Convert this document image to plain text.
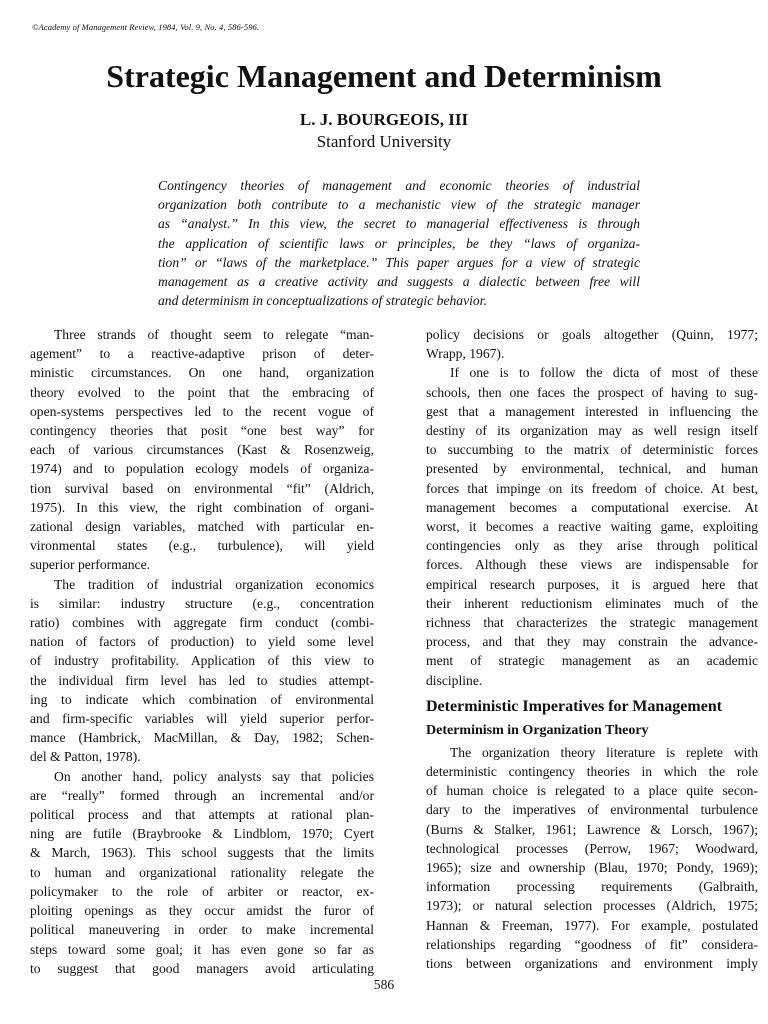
©Academy of Management Review, 1984, Vol. 9, No. 4, 586-596.
Strategic Management and Determinism
L. J. BOURGEOIS, III
Stanford University
Contingency theories of management and economic theories of industrial
organization both contribute to a mechanistic view of the strategic manager
as “analyst.” In this view, the secret to managerial effectiveness is through
the application of scientific laws or principles, be they “laws of organiza-
tion” or “laws of the marketplace.” This paper argues for a view of strategic
management as a creative activity and suggests a dialectic between free will
and determinism in conceptualizations of strategic behavior.
Three strands of thought seem to relegate “man-
agement” to a reactive-adaptive prison of deter-
ministic circumstances. On one hand, organization
theory evolved to the point that the embracing of
open-systems perspectives led to the recent vogue of
contingency theories that posit “one best way” for
each of various circumstances (Kast & Rosenzweig,
1974) and to population ecology models of organiza-
tion survival based on environmental “fit” (Aldrich,
1975). In this view, the right combination of organi-
zational design variables, matched with particular en-
vironmental states (e.g., turbulence), will yield
superior performance.
The tradition of industrial organization economics
is similar: industry structure (e.g., concentration
ratio) combines with aggregate firm conduct (combi-
nation of factors of production) to yield some level
of industry profitability. Application of this view to
the individual firm level has led to studies attempt-
ing to indicate which combination of environmental
and firm-specific variables will yield superior perfor-
mance (Hambrick, MacMillan, & Day, 1982; Schen-
del & Patton, 1978).
On another hand, policy analysts say that policies
are “really” formed through an incremental and/or
political process and that attempts at rational plan-
ning are futile (Braybrooke & Lindblom, 1970; Cyert
& March, 1963). This school suggests that the limits
to human and organizational rationality relegate the
policymaker to the role of arbiter or reactor, ex-
ploiting openings as they occur amidst the furor of
political maneuvering in order to make incremental
steps toward some goal; it has even gone so far as
to suggest that good managers avoid articulating
policy decisions or goals altogether (Quinn, 1977;
Wrapp, 1967).
If one is to follow the dicta of most of these
schools, then one faces the prospect of having to sug-
gest that a management interested in influencing the
destiny of its organization may as well resign itself
to succumbing to the matrix of deterministic forces
presented by environmental, technical, and human
forces that impinge on its freedom of choice. At best,
management becomes a computational exercise. At
worst, it becomes a reactive waiting game, exploiting
contingencies only as they arise through political
forces. Although these views are indispensable for
empirical research purposes, it is argued here that
their inherent reductionism eliminates much of the
richness that characterizes the strategic management
process, and that they may constrain the advance-
ment of strategic management as an academic
discipline.
Deterministic Imperatives for Management
Determinism in Organization Theory
The organization theory literature is replete with
deterministic contingency theories in which the role
of human choice is relegated to a place quite secon-
dary to the imperatives of environmental turbulence
(Burns & Stalker, 1961; Lawrence & Lorsch, 1967);
technological processes (Perrow, 1967; Woodward,
1965); size and ownership (Blau, 1970; Pondy, 1969);
information processing requirements (Galbraith,
1973); or natural selection processes (Aldrich, 1975;
Hannan & Freeman, 1977). For example, postulated
relationships regarding “goodness of fit” considera-
tions between organizations and environment imply
586
